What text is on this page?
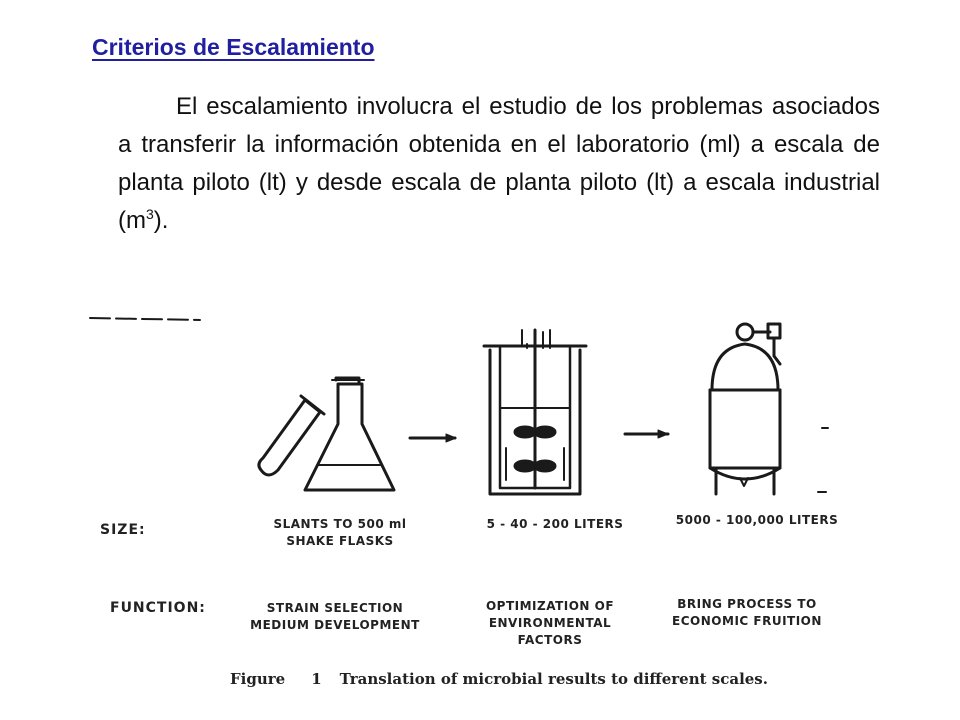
Criterios de Escalamiento

El escalamiento involucra el estudio de los problemas asociados a transferir la información obtenida en el laboratorio (ml) a escala de planta piloto (lt) y desde escala de planta piloto (lt) a escala industrial $(m^3)$.

SIZE:
FUNCTION:
SLANTS TO 500 ml
SHAKE FLASKS
5 - 40 - 200 LITERS	5000 - 100,000 LITERS
STRAIN SELECTION
MEDIUM DEVELOPMENT
OPTIMIZATION OF
ENVIRONMENTAL
FACTORS
BRING PROCESS TO
ECONOMIC FRUITION
Figure 1 Translation of microbial results to different scales.
